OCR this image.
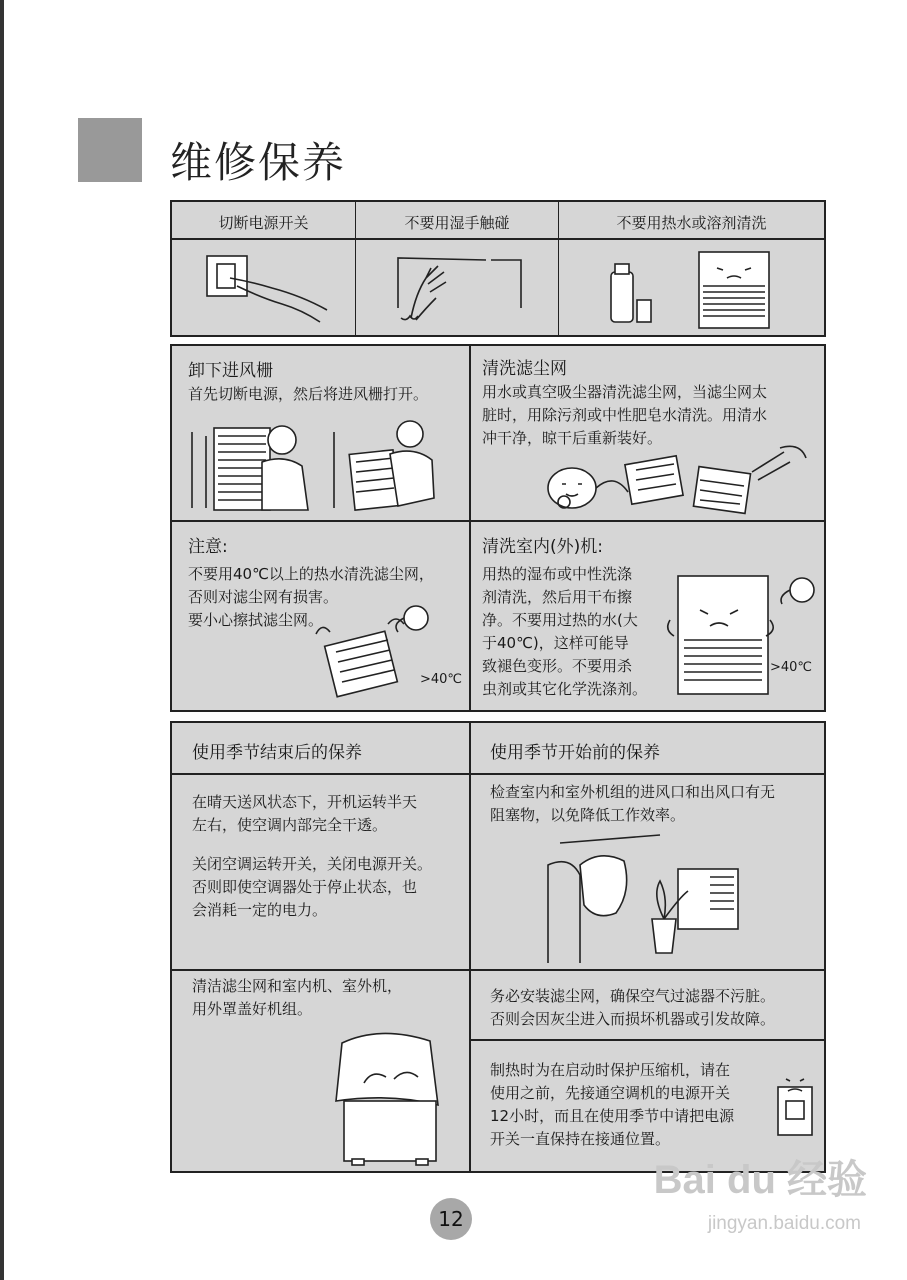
维修保养
切断电源开关	不要用湿手触碰	不要用热水或溶剂清洗
卸下进风栅
首先切断电源，然后将进风栅打开。
清洗滤尘网
用水或真空吸尘器清洗滤尘网，当滤尘网太
脏时，用除污剂或中性肥皂水清洗。用清水
冲干净，晾干后重新装好。
注意:
不要用40℃以上的热水清洗滤尘网，
否则对滤尘网有损害。
要小心擦拭滤尘网。
>40℃
清洗室内(外)机:
用热的湿布或中性洗涤
剂清洗，然后用干布擦
净。不要用过热的水(大
于40℃)，这样可能导
致褪色变形。不要用杀
虫剂或其它化学洗涤剂。
>40℃
使用季节结束后的保养	使用季节开始前的保养
在晴天送风状态下，开机运转半天
左右，使空调内部完全干透。
关闭空调运转开关，关闭电源开关。
否则即使空调器处于停止状态，也
会消耗一定的电力。
检查室内和室外机组的进风口和出风口有无
阻塞物，以免降低工作效率。
清洁滤尘网和室内机、室外机，
用外罩盖好机组。
务必安装滤尘网，确保空气过滤器不污脏。
否则会因灰尘进入而损坏机器或引发故障。
制热时为在启动时保护压缩机，请在
使用之前，先接通空调机的电源开关
12小时，而且在使用季节中请把电源
开关一直保持在接通位置。
12
Bai du 经验
jingyan.baidu.com
